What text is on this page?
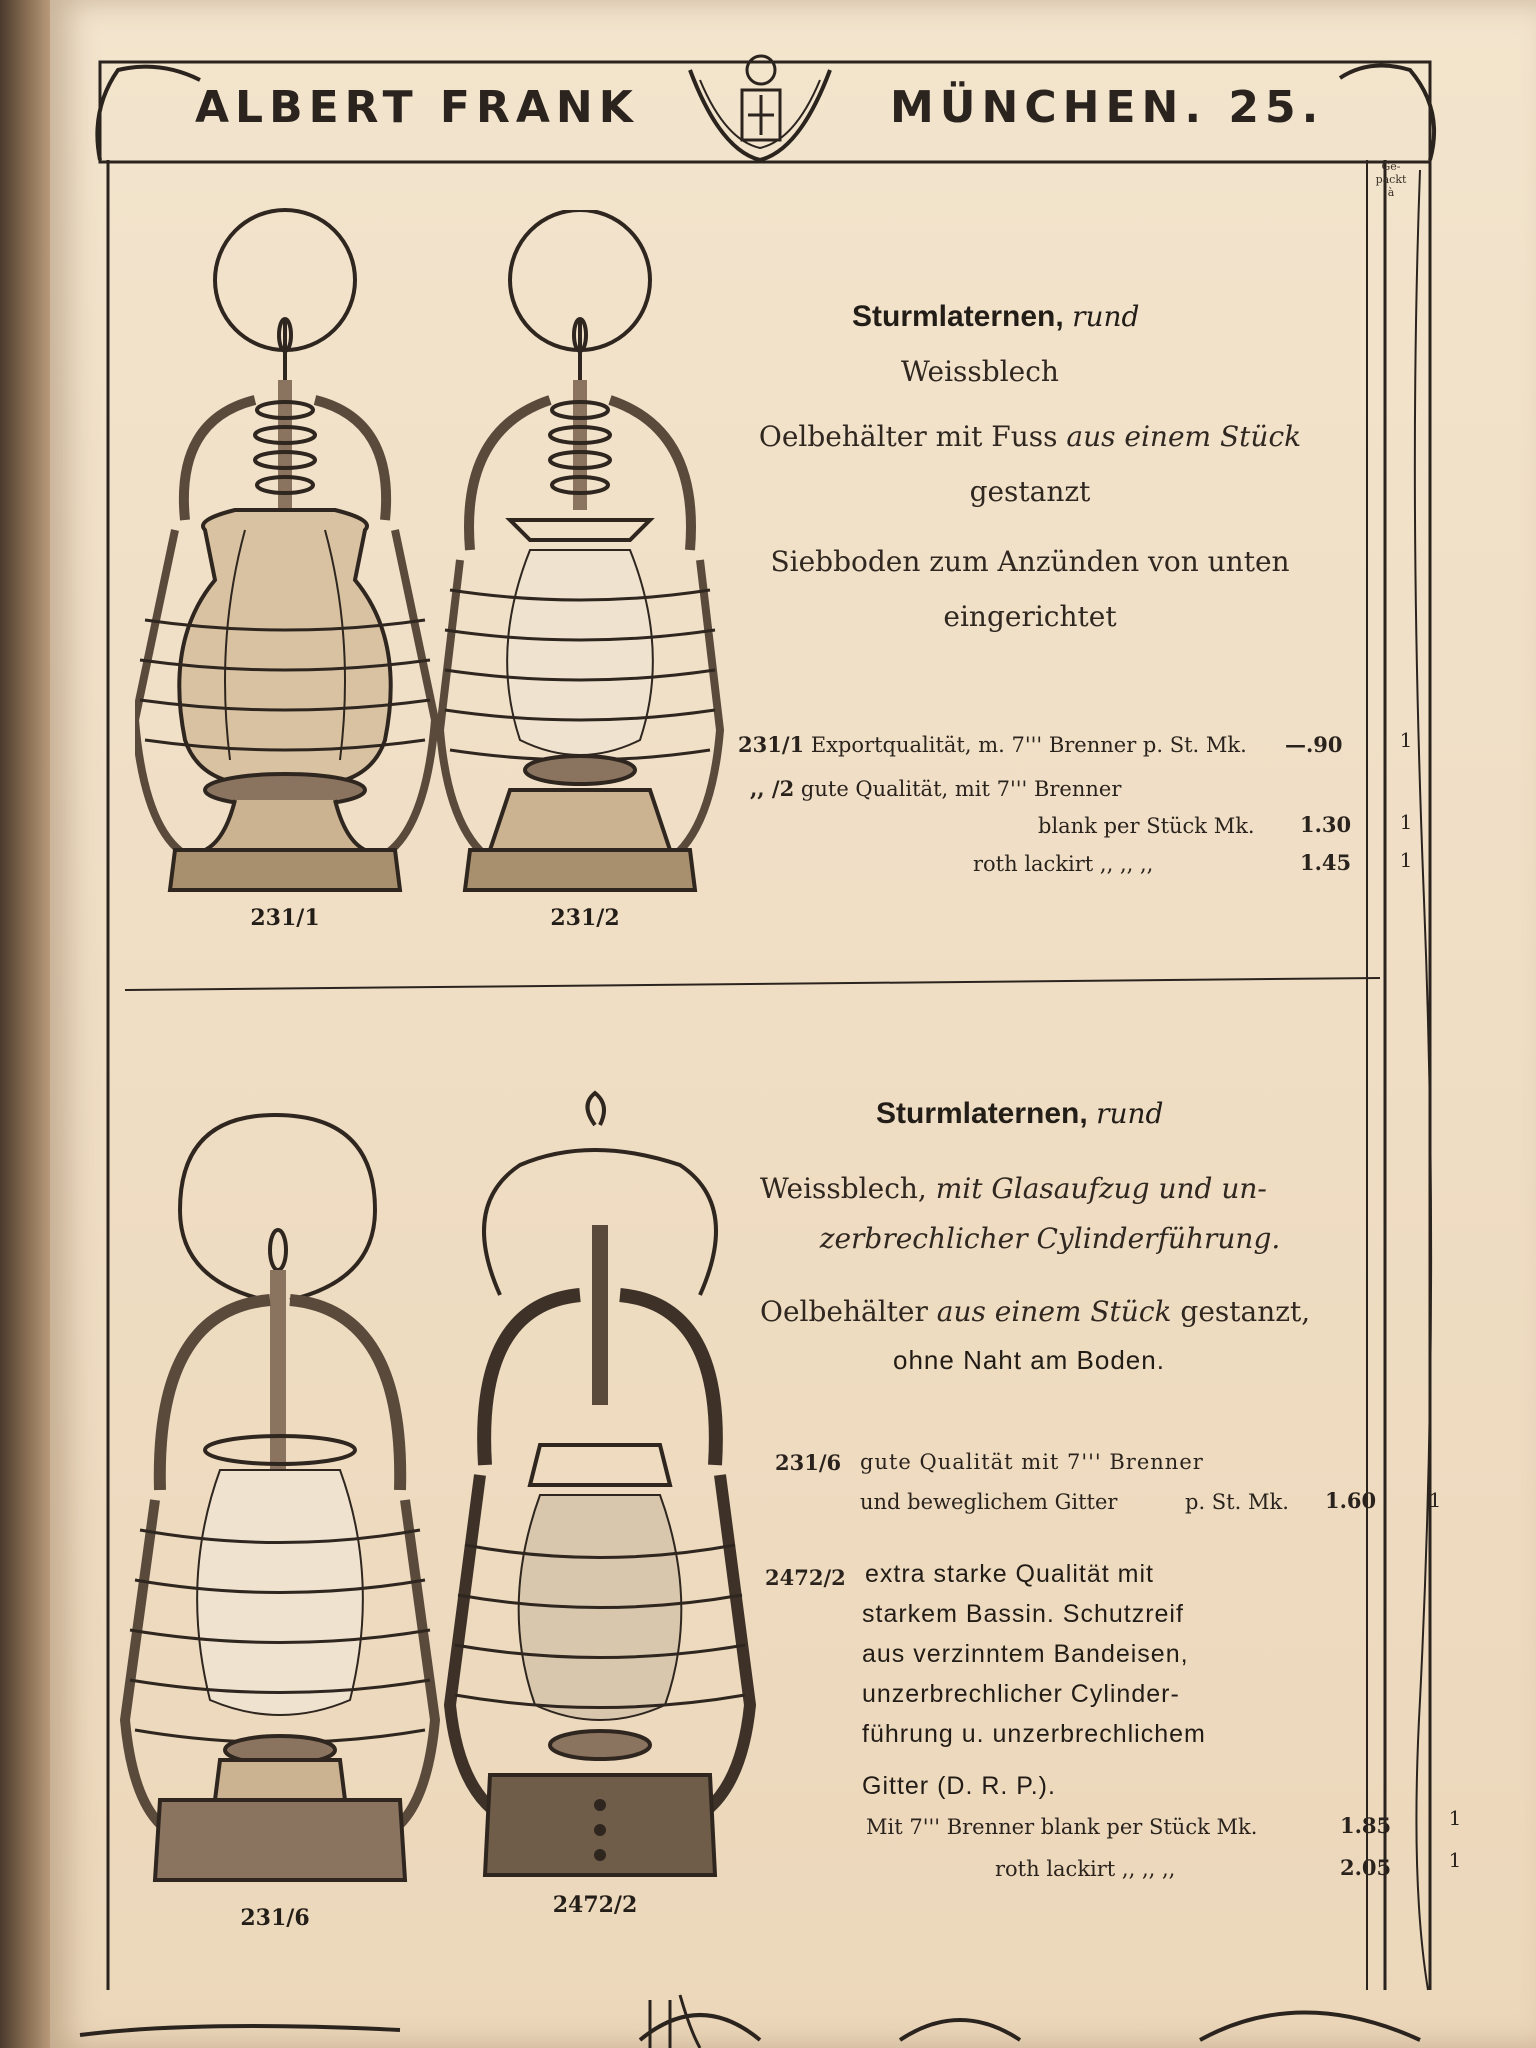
ALBERT FRANK	MÜNCHEN. 25.
Ge-
packt
à
231/1	231/2
Sturmlaternen, rund
Weissblech
Oelbehälter mit Fuss aus einem Stück
gestanzt
Siebboden zum Anzünden von unten
eingerichtet
231/1 Exportqualität, m. 7''' Brenner p. St. Mk. —.90	1
,, /2 gute Qualität, mit 7''' Brenner
blank per Stück Mk. 1.30	1
roth lackirt ,, ,, ,,	1.45	1
231/6	2472/2
Sturmlaternen, rund
Weissblech, mit Glasaufzug und un-
zerbrechlicher Cylinderführung.
Oelbehälter aus einem Stück gestanzt,
ohne Naht am Boden.
231/6 gute Qualität mit 7''' Brenner
und beweglichem Gitter	p. St. Mk. 1.60	1
2472/2 extra starke Qualität mit
starkem Bassin. Schutzreif
aus verzinntem Bandeisen,
unzerbrechlicher Cylinder-
führung u. unzerbrechlichem
Gitter (D. R. P.).
Mit 7''' Brenner blank per Stück Mk.	1.85	1
roth lackirt ,, ,, ,,	2.05	1
